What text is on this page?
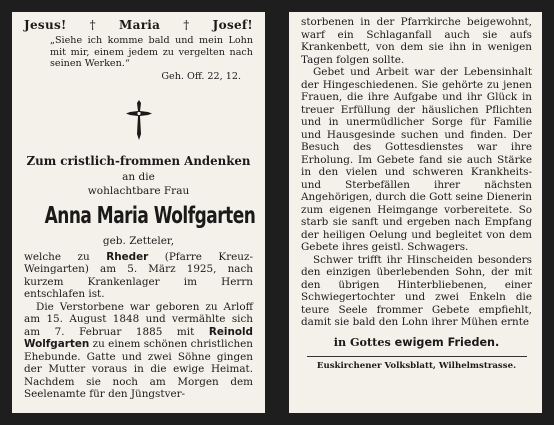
Jesus! † Maria † Josef!
„Siehe ich komme bald und mein Lohn mit mir, einem jedem zu vergelten nach seinen Werken.“
Geh. Off. 22, 12.
Zum cristlich-frommen Andenken
an die
wohlachtbare Frau
Anna Maria Wolfgarten
geb. Zetteler,

welche zu Rheder (Pfarre Kreuz-Weingarten) am 5. März 1925, nach kurzem Krankenlager im Herrn entschlafen ist.

Die Verstorbene war geboren zu Arloff am 15. August 1848 und vermählte sich am 7. Februar 1885 mit Reinold Wolfgarten zu einem schönen christlichen Ehebunde. Gatte und zwei Söhne gingen der Mutter voraus in die ewige Heimat. Nachdem sie noch am Morgen dem Seelenamte für den Jüngstver-

storbenen in der Pfarrkirche beigewohnt, warf ein Schlaganfall auch sie aufs Krankenbett, von dem sie ihn in wenigen Tagen folgen sollte.

Gebet und Arbeit war der Lebensinhalt der Hingeschiedenen. Sie gehörte zu jenen Frauen, die ihre Aufgabe und ihr Glück in treuer Erfüllung der häuslichen Pflichten und in unermüdlicher Sorge für Familie und Hausgesinde suchen und finden. Der Besuch des Gottesdienstes war ihre Erholung. Im Gebete fand sie auch Stärke in den vielen und schweren Krankheits- und Sterbefällen ihrer nächsten Angehörigen, durch die Gott seine Dienerin zum eigenen Heimgange vorbereitete. So starb sie sanft und ergeben nach Empfang der heiligen Oelung und begleitet von dem Gebete ihres geistl. Schwagers.

Schwer trifft ihr Hinscheiden besonders den einzigen überlebenden Sohn, der mit den übrigen Hinterbliebenen, einer Schwiegertochter und zwei Enkeln die teure Seele frommer Gebete empfiehlt, damit sie bald den Lohn ihrer Mühen ernte

in Gottes ewigem Frieden.
Euskirchener Volksblatt, Wilhelmstrasse.
